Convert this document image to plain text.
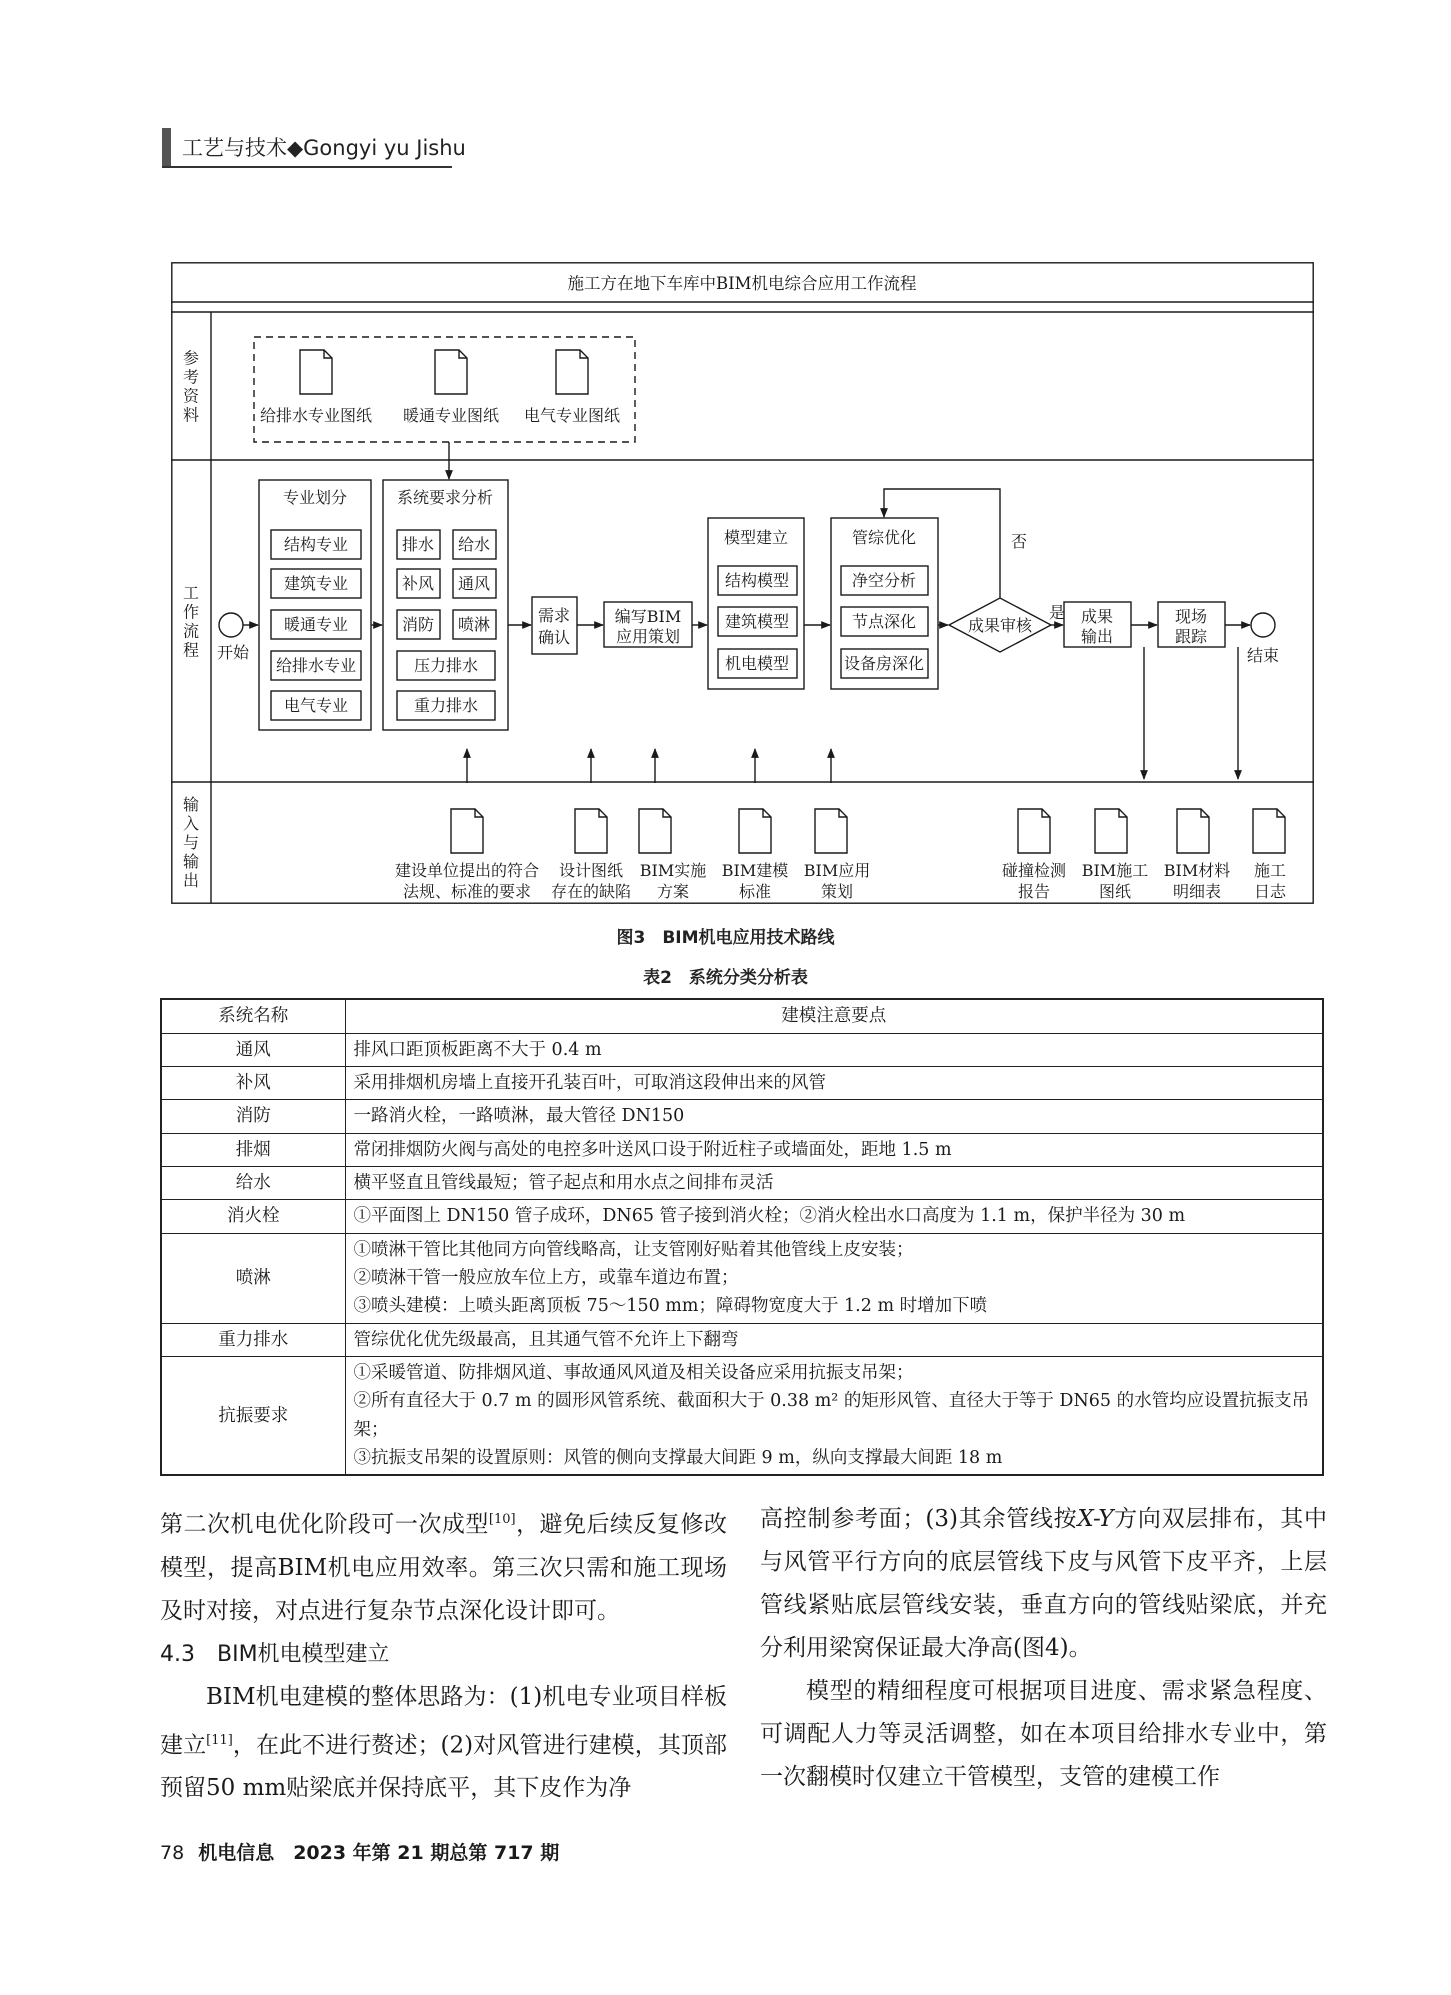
工艺与技术◆Gongyi yu Jishu
施工方在地下车库中BIM机电综合应用工作流程
参
考
资
料
工
作
流
程
输
入
与
输
出
给排水专业图纸 暖通专业图纸 电气专业图纸
开始	结束
专业划分
结构专业
建筑专业
暖通专业
给排水专业
电气专业
系统要求分析
排水 给水
补风 通风
消防 喷淋
压力排水
重力排水
需求
确认
编写BIM
应用策划
模型建立
结构模型
建筑模型
机电模型
管综优化
净空分析
节点深化
设备房深化
成果审核
是
否
成果
输出
现场
跟踪
建设单位提出的符合
法规、标准的要求
设计图纸
存在的缺陷
BIM实施
方案
BIM建模
标准
BIM应用
策划
碰撞检测
报告
BIM施工
图纸
BIM材料
明细表
施工
日志
图3　BIM机电应用技术路线
表2　系统分类分析表
系统名称	建模注意要点
通风	排风口距顶板距离不大于 0.4 m

补风	采用排烟机房墙上直接开孔装百叶，可取消这段伸出来的风管

消防	一路消火栓，一路喷淋，最大管径 DN150

排烟	常闭排烟防火阀与高处的电控多叶送风口设于附近柱子或墙面处，距地 1.5 m

给水	横平竖直且管线最短；管子起点和用水点之间排布灵活

消火栓	①平面图上 DN150 管子成环，DN65 管子接到消火栓；②消火栓出水口高度为 1.1 m，保护半径为 30 m

喷淋	①喷淋干管比其他同方向管线略高，让支管刚好贴着其他管线上皮安装；
②喷淋干管一般应放车位上方，或靠车道边布置；
③喷头建模：上喷头距离顶板 75～150 mm；障碍物宽度大于 1.2 m 时增加下喷

重力排水	管综优化优先级最高，且其通气管不允许上下翻弯

抗振要求	①采暖管道、防排烟风道、事故通风风道及相关设备应采用抗振支吊架；
②所有直径大于 0.7 m 的圆形风管系统、截面积大于 0.38 m² 的矩形风管、直径大于等于 DN65 的水管均应设置抗振支吊架；
③抗振支吊架的设置原则：风管的侧向支撑最大间距 9 m，纵向支撑最大间距 18 m

第二次机电优化阶段可一次成型[10]，避免后续反复修改模型，提高BIM机电应用效率。第三次只需和施工现场及时对接，对点进行复杂节点深化设计即可。

4.3　BIM机电模型建立

BIM机电建模的整体思路为：(1)机电专业项目样板建立[11]，在此不进行赘述；(2)对风管进行建模，其顶部预留50 mm贴梁底并保持底平，其下皮作为净

高控制参考面；(3)其余管线按X-Y方向双层排布，其中与风管平行方向的底层管线下皮与风管下皮平齐，上层管线紧贴底层管线安装，垂直方向的管线贴梁底，并充分利用梁窝保证最大净高(图4)。

模型的精细程度可根据项目进度、需求紧急程度、可调配人力等灵活调整，如在本项目给排水专业中，第一次翻模时仅建立干管模型，支管的建模工作

78 机电信息　2023 年第 21 期总第 717 期
